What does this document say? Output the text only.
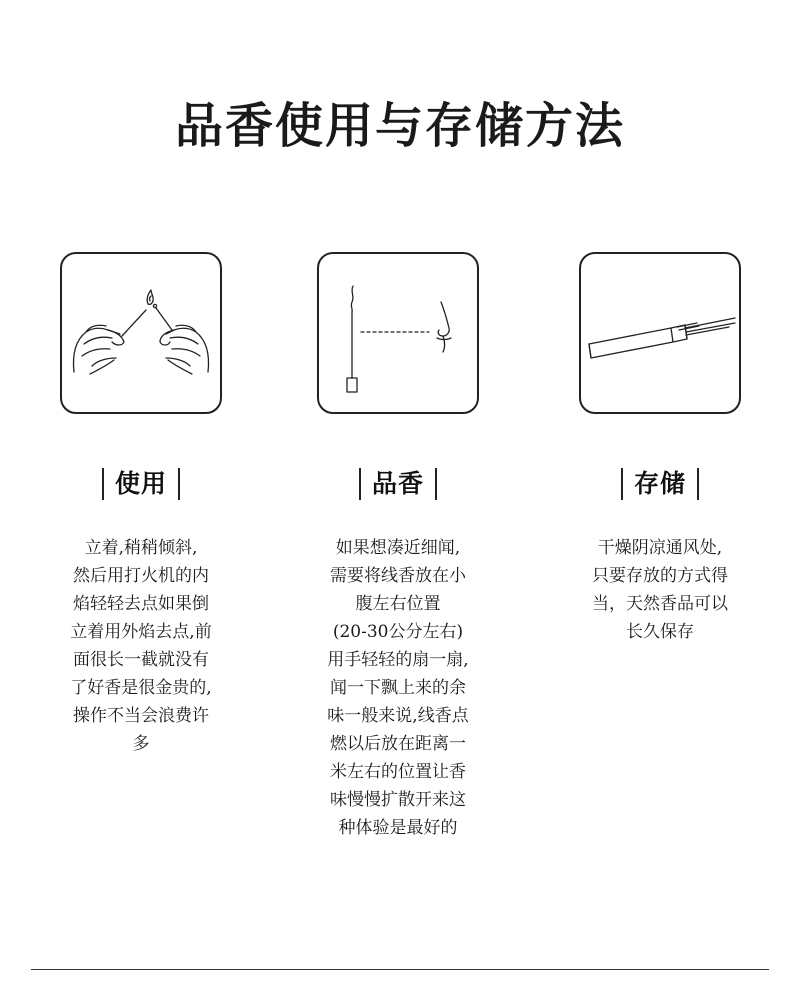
品香使用与存储方法
使用	品香	存储
立着,稍稍倾斜,
然后用打火机的内
焰轻轻去点如果倒
立着用外焰去点,前
面很长一截就没有
了好香是很金贵的,
操作不当会浪费许
多
如果想凑近细闻,
需要将线香放在小
腹左右位置
(20-30公分左右)
用手轻轻的扇一扇,
闻一下飘上来的余
味一般来说,线香点
燃以后放在距离一
米左右的位置让香
味慢慢扩散开来这
种体验是最好的
干燥阴凉通风处,
只要存放的方式得
当，天然香品可以
长久保存
